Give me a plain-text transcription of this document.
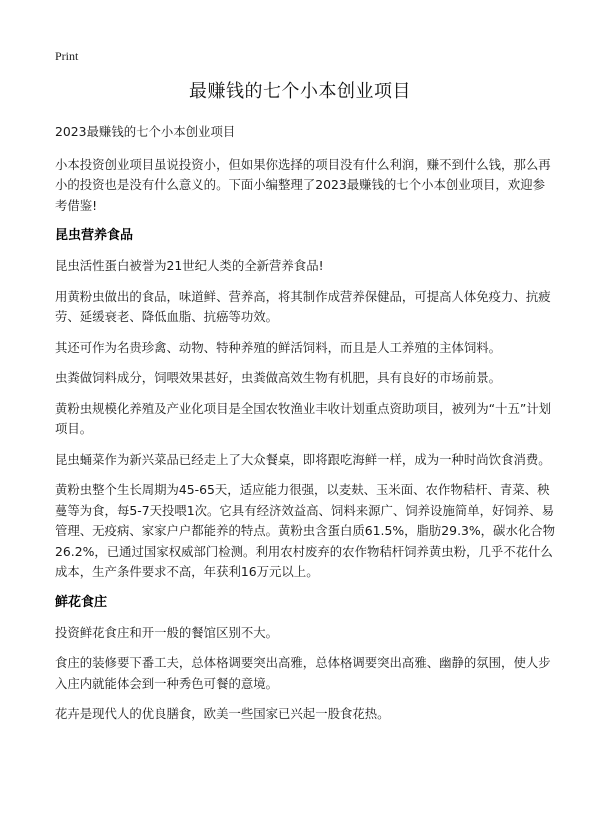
Print
最赚钱的七个小本创业项目

2023最赚钱的七个小本创业项目

小本投资创业项目虽说投资小，但如果你选择的项目没有什么利润，赚不到什么钱，那么再小的投资也是没有什么意义的。下面小编整理了2023最赚钱的七个小本创业项目，欢迎参考借鉴!

昆虫营养食品

昆虫活性蛋白被誉为21世纪人类的全新营养食品!

用黄粉虫做出的食品，味道鲜、营养高，将其制作成营养保健品，可提高人体免疫力、抗疲劳、延缓衰老、降低血脂、抗癌等功效。

其还可作为名贵珍禽、动物、特种养殖的鲜活饲料，而且是人工养殖的主体饲料。

虫粪做饲料成分，饲喂效果甚好，虫粪做高效生物有机肥，具有良好的市场前景。

黄粉虫规模化养殖及产业化项目是全国农牧渔业丰收计划重点资助项目，被列为“十五”计划项目。

昆虫蛹菜作为新兴菜品已经走上了大众餐桌，即将跟吃海鲜一样，成为一种时尚饮食消费。

黄粉虫整个生长周期为45-65天，适应能力很强，以麦麸、玉米面、农作物秸杆、青菜、秧蔓等为食，每5-7天投喂1次。它具有经济效益高、饲料来源广、饲养设施简单，好饲养、易管理、无疫病、家家户户都能养的特点。黄粉虫含蛋白质61.5%，脂肪29.3%，碳水化合物26.2%，已通过国家权威部门检测。利用农村废弃的农作物秸杆饲养黄虫粉，几乎不花什么成本，生产条件要求不高，年获利16万元以上。

鲜花食庄

投资鲜花食庄和开一般的餐馆区别不大。

食庄的装修要下番工夫，总体格调要突出高雅，总体格调要突出高雅、幽静的氛围，使人步入庄内就能体会到一种秀色可餐的意境。

花卉是现代人的优良膳食，欧美一些国家已兴起一股食花热。
